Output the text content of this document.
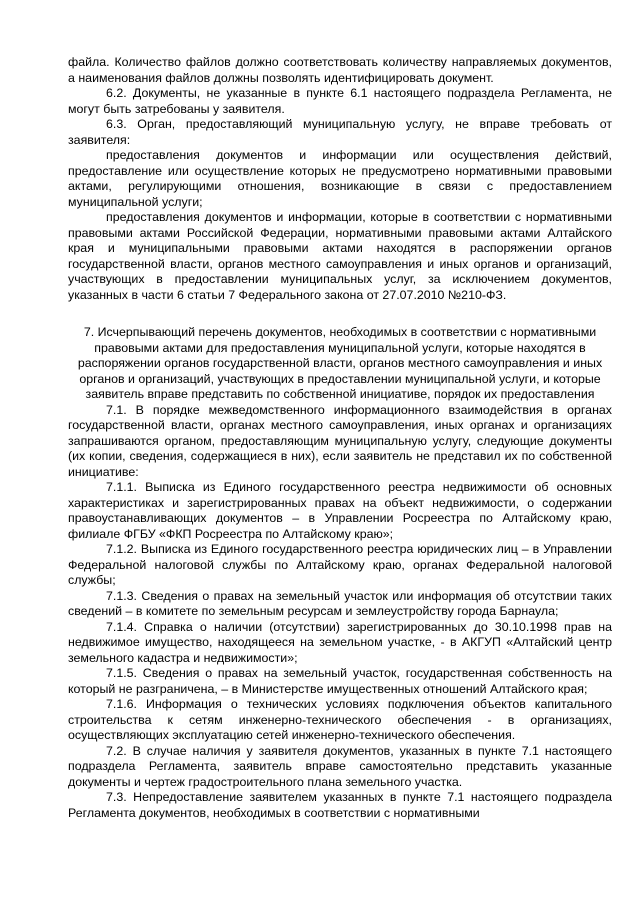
файла. Количество файлов должно соответствовать количеству направляемых документов, а наименования файлов должны позволять идентифицировать документ.

6.2. Документы, не указанные в пункте 6.1 настоящего подраздела Регламента, не могут быть затребованы у заявителя.

6.3. Орган, предоставляющий муниципальную услугу, не вправе требовать от заявителя:

предоставления документов и информации или осуществления действий, предоставление или осуществление которых не предусмотрено нормативными правовыми актами, регулирующими отношения, возникающие в связи с предоставлением муниципальной услуги;

предоставления документов и информации, которые в соответствии с нормативными правовыми актами Российской Федерации, нормативными правовыми актами Алтайского края и муниципальными правовыми актами находятся в распоряжении органов государственной власти, органов местного самоуправления и иных органов и организаций, участвующих в предоставлении муниципальных услуг, за исключением документов, указанных в части 6 статьи 7 Федерального закона от 27.07.2010 №210-ФЗ.

7. Исчерпывающий перечень документов, необходимых в соответствии с нормативными правовыми актами для предоставления муниципальной услуги, которые находятся в распоряжении органов государственной власти, органов местного самоуправления и иных органов и организаций, участвующих в предоставлении муниципальной услуги, и которые заявитель вправе представить по собственной инициативе, порядок их предоставления

7.1. В порядке межведомственного информационного взаимодействия в органах государственной власти, органах местного самоуправления, иных органах и организациях запрашиваются органом, предоставляющим муниципальную услугу, следующие документы (их копии, сведения, содержащиеся в них), если заявитель не представил их по собственной инициативе:

7.1.1. Выписка из Единого государственного реестра недвижимости об основных характеристиках и зарегистрированных правах на объект недвижимости, о содержании правоустанавливающих документов – в Управлении Росреестра по Алтайскому краю, филиале ФГБУ «ФКП Росреестра по Алтайскому краю»;

7.1.2. Выписка из Единого государственного реестра юридических лиц – в Управлении Федеральной налоговой службы по Алтайскому краю, органах Федеральной налоговой службы;

7.1.3. Сведения о правах на земельный участок или информация об отсутствии таких сведений – в комитете по земельным ресурсам и землеустройству города Барнаула;

7.1.4. Справка о наличии (отсутствии) зарегистрированных до 30.10.1998 прав на недвижимое имущество, находящееся на земельном участке, - в АКГУП «Алтайский центр земельного кадастра и недвижимости»;

7.1.5. Сведения о правах на земельный участок, государственная собственность на который не разграничена, – в Министерстве имущественных отношений Алтайского края;

7.1.6. Информация о технических условиях подключения объектов капитального строительства к сетям инженерно-технического обеспечения - в организациях, осуществляющих эксплуатацию сетей инженерно-технического обеспечения.

7.2. В случае наличия у заявителя документов, указанных в пункте 7.1 настоящего подраздела Регламента, заявитель вправе самостоятельно представить указанные документы и чертеж градостроительного плана земельного участка.

7.3. Непредоставление заявителем указанных в пункте 7.1 настоящего подраздела Регламента документов, необходимых в соответствии с нормативными
